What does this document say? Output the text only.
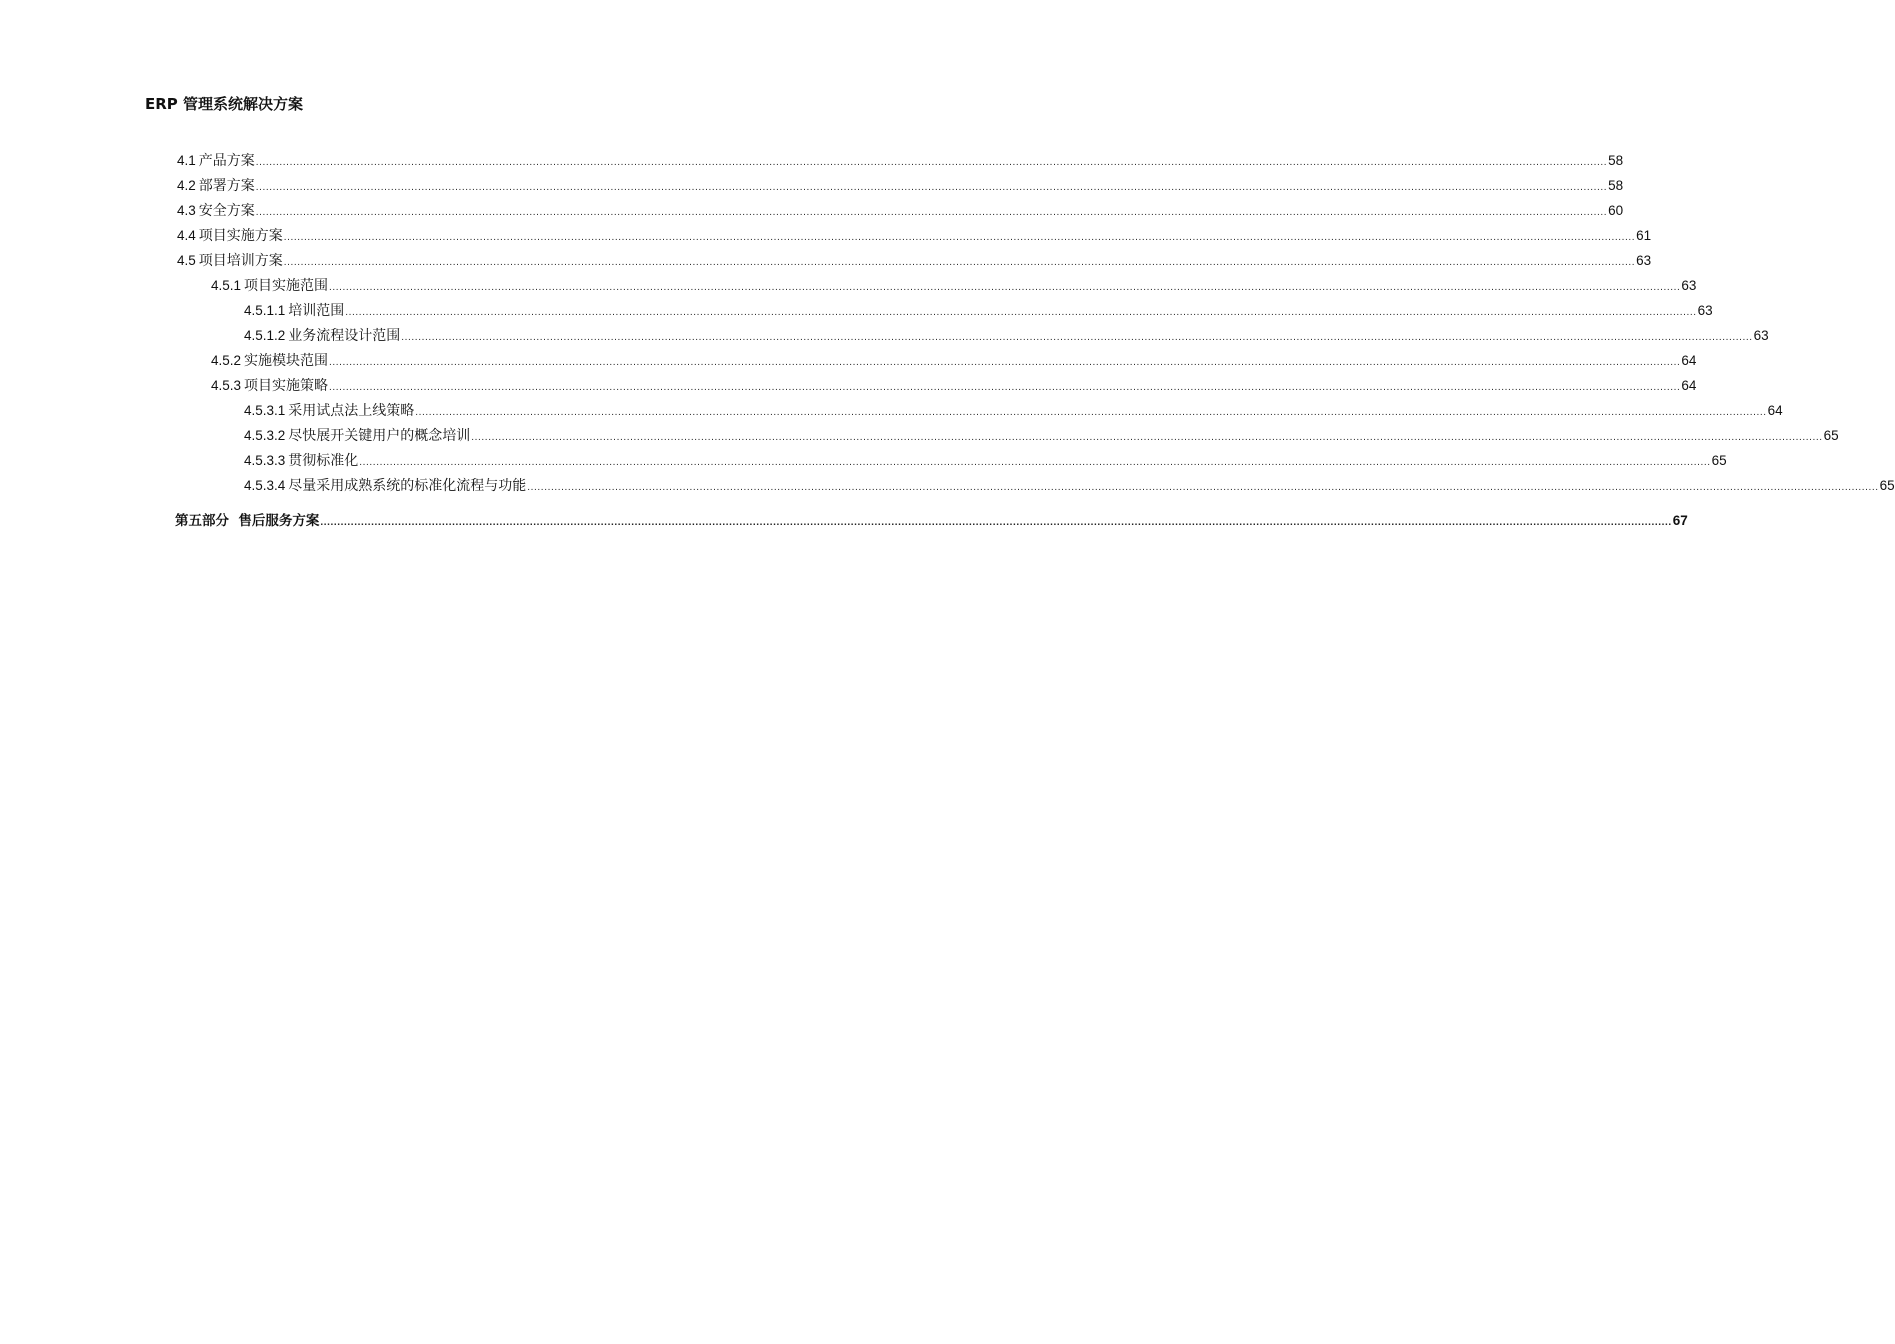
ERP 管理系统解决方案
4.1 产品方案 ................................................................................................................................................................................................................................................................................................................................................................................................................ 58
4.2 部署方案 ................................................................................................................................................................................................................................................................................................................................................................................................................ 58
4.3 安全方案 ................................................................................................................................................................................................................................................................................................................................................................................................................ 60
4.4 项目实施方案 ................................................................................................................................................................................................................................................................................................................................................................................................................ 61
4.5 项目培训方案 ................................................................................................................................................................................................................................................................................................................................................................................................................ 63
4.5.1 项目实施范围 ................................................................................................................................................................................................................................................................................................................................................................................................................ 63
4.5.1.1 培训范围 ................................................................................................................................................................................................................................................................................................................................................................................................................ 63
4.5.1.2 业务流程设计范围 ................................................................................................................................................................................................................................................................................................................................................................................................................ 63
4.5.2 实施模块范围 ................................................................................................................................................................................................................................................................................................................................................................................................................ 64
4.5.3 项目实施策略 ................................................................................................................................................................................................................................................................................................................................................................................................................ 64
4.5.3.1 采用试点法上线策略 ................................................................................................................................................................................................................................................................................................................................................................................................................ 64
4.5.3.2 尽快展开关键用户的概念培训 ................................................................................................................................................................................................................................................................................................................................................................................................................ 65
4.5.3.3 贯彻标准化 ................................................................................................................................................................................................................................................................................................................................................................................................................ 65
4.5.3.4 尽量采用成熟系统的标准化流程与功能 ................................................................................................................................................................................................................................................................................................................................................................................................................ 65
第五部分  售后服务方案 ................................................................................................................................................................................................................................................................................................................................................................................................................ 67
